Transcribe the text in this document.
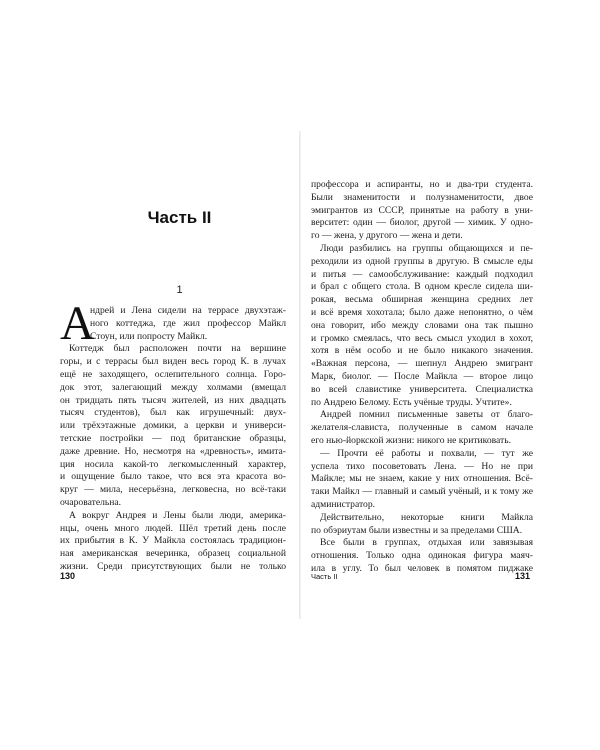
Часть II
1
А
ндрей и Лена сидели на террасе двухэтаж-
ного коттеджа, где жил профессор Майкл
Стоун, или попросту Майкл.
Коттедж был расположен почти на вершине
горы, и с террасы был виден весь город К. в лучах
ещё не заходящего, ослепительного солнца. Горо-
док этот, залегающий между холмами (вмещал
он тридцать пять тысяч жителей, из них двадцать
тысяч студентов), был как игрушечный: двух-
или трёхэтажные домики, а церкви и универси-
тетские постройки — под британские образцы,
даже древние. Но, несмотря на «древность», имита-
ция носила какой-то легкомысленный характер,
и ощущение было такое, что вся эта красота во-
круг — мила, несерьёзна, легковесна, но всё-таки
очаровательна.
А вокруг Андрея и Лены были люди, америка-
нцы, очень много людей. Шёл третий день после
их прибытия в К. У Майкла состоялась традицион-
ная американская вечеринка, образец социальной
жизни. Среди присутствующих были не только
130
профессора и аспиранты, но и два-три студента.
Были знаменитости и полузнаменитости, двое
эмигрантов из СССР, принятые на работу в уни-
верситет: один — биолог, другой — химик. У одно-
го — жена, у другого — жена и дети.
Люди разбились на группы общающихся и пе-
реходили из одной группы в другую. В смысле еды
и питья — самообслуживание: каждый подходил
и брал с общего стола. В одном кресле сидела ши-
рокая, весьма обширная женщина средних лет
и всё время хохотала; было даже непонятно, о чём
она говорит, ибо между словами она так пышно
и громко смеялась, что весь смысл уходил в хохот,
хотя в нём особо и не было никакого значения.
«Важная персона, — шепнул Андрею эмигрант
Марк, биолог. — После Майкла — второе лицо
во всей славистике университета. Специалистка
по Андрею Белому. Есть учёные труды. Учтите».
Андрей помнил письменные заветы от благо-
желателя-слависта, полученные в самом начале
его нью-йоркской жизни: никого не критиковать.
— Прочти её работы и похвали, — тут же
успела тихо посоветовать Лена. — Но не при
Майкле; мы не знаем, какие у них отношения. Всё-
таки Майкл — главный и самый учёный, и к тому же
администратор.
Действительно, некоторые книги Майкла
по обэриутам были известны и за пределами США.
Все были в группах, отдыхая или завязывая
отношения. Только одна одинокая фигура маяч-
ила в углу. То был человек в помятом пиджаке
Часть II	131
